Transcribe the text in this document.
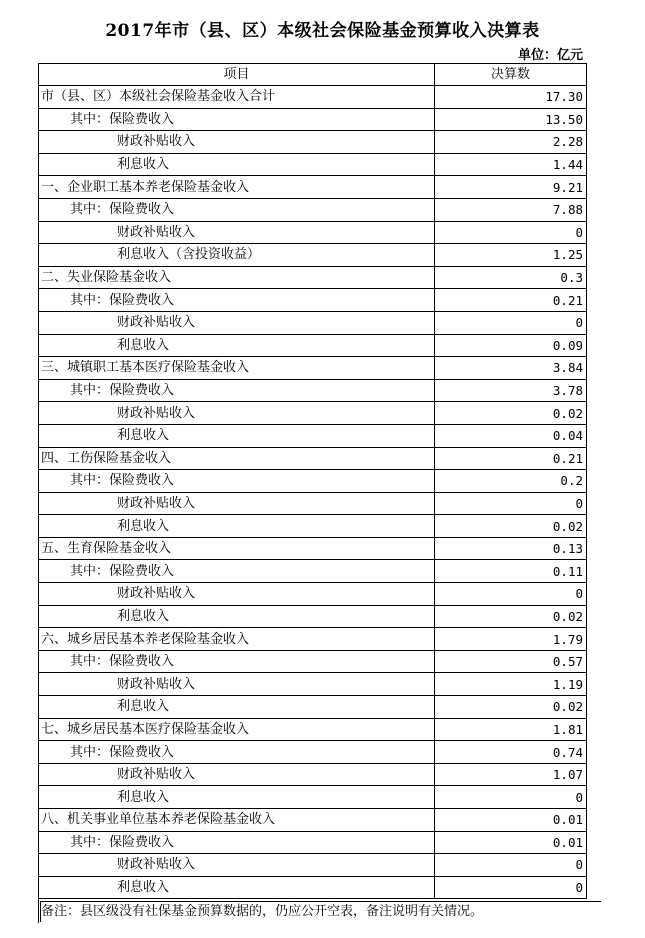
2017年市（县、区）本级社会保险基金预算收入决算表
单位：亿元
项目	决算数
市（县、区）本级社会保险基金收入合计	17.30
其中：保险费收入	13.50
财政补贴收入	2.28
利息收入	1.44
一、企业职工基本养老保险基金收入	9.21
其中：保险费收入	7.88
财政补贴收入	0
利息收入（含投资收益）	1.25
二、失业保险基金收入	0.3
其中：保险费收入	0.21
财政补贴收入	0
利息收入	0.09
三、城镇职工基本医疗保险基金收入	3.84
其中：保险费收入	3.78
财政补贴收入	0.02
利息收入	0.04
四、工伤保险基金收入	0.21
其中：保险费收入	0.2
财政补贴收入	0
利息收入	0.02
五、生育保险基金收入	0.13
其中：保险费收入	0.11
财政补贴收入	0
利息收入	0.02
六、城乡居民基本养老保险基金收入	1.79
其中：保险费收入	0.57
财政补贴收入	1.19
利息收入	0.02
七、城乡居民基本医疗保险基金收入	1.81
其中：保险费收入	0.74
财政补贴收入	1.07
利息收入	0
八、机关事业单位基本养老保险基金收入	0.01
其中：保险费收入	0.01
财政补贴收入	0
利息收入	0
备注：县区级没有社保基金预算数据的，仍应公开空表，备注说明有关情况。
